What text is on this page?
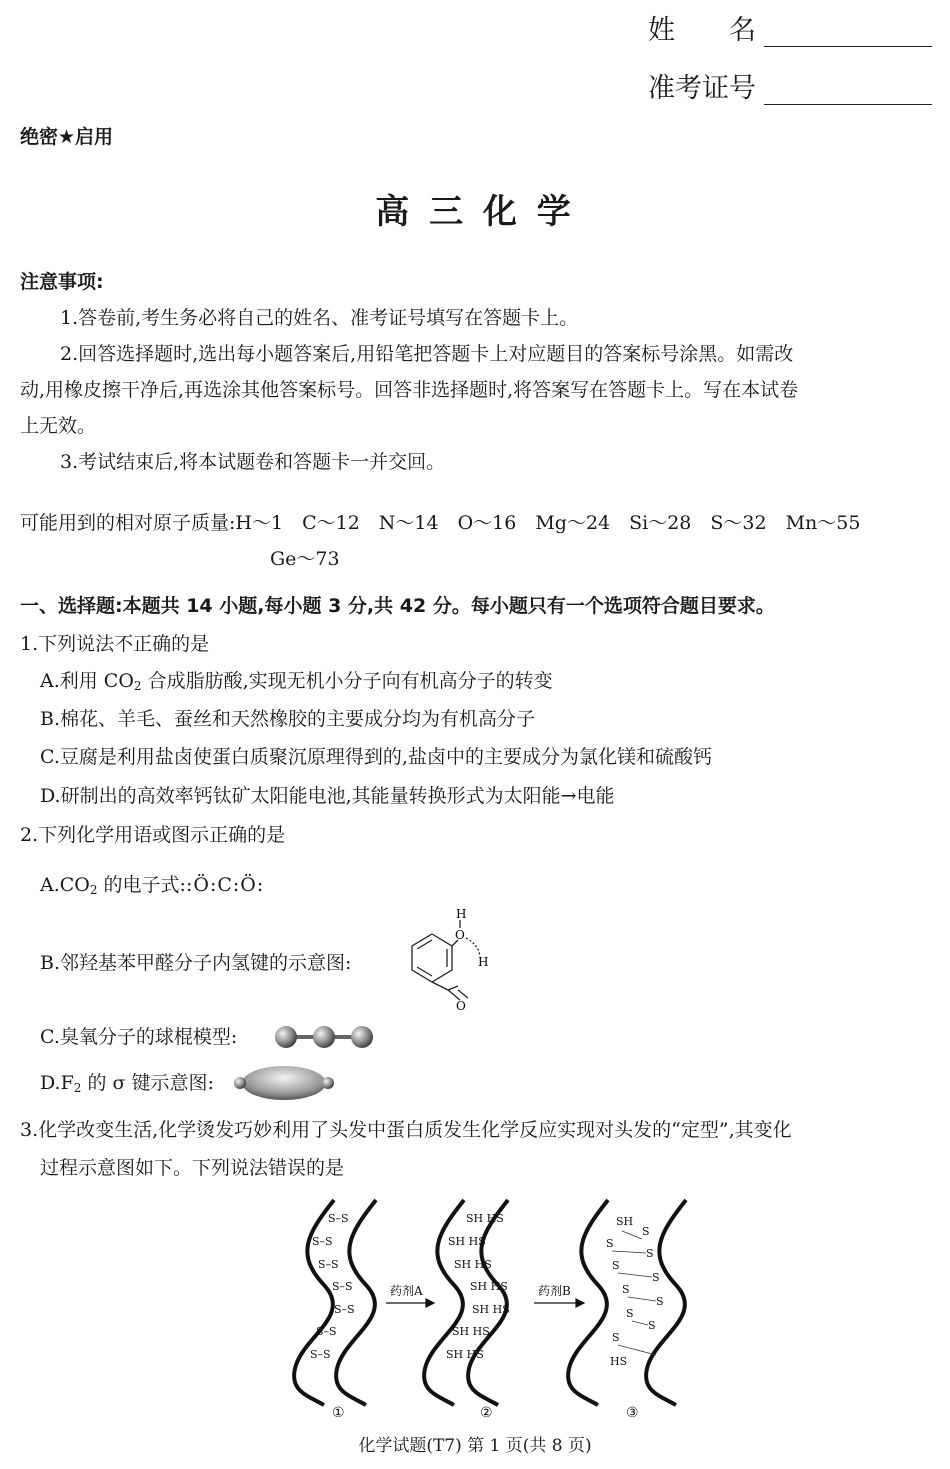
姓　　名
准考证号
绝密★启用
高 三 化 学
注意事项:
1.答卷前,考生务必将自己的姓名、准考证号填写在答题卡上。
2.回答选择题时,选出每小题答案后,用铅笔把答题卡上对应题目的答案标号涂黑。如需改
动,用橡皮擦干净后,再选涂其他答案标号。回答非选择题时,将答案写在答题卡上。写在本试卷
上无效。
3.考试结束后,将本试题卷和答题卡一并交回。
可能用到的相对原子质量:H～1　C～12　N～14　O～16　Mg～24　Si～28　S～32　Mn～55
Ge～73
一、选择题:本题共 14 小题,每小题 3 分,共 42 分。每小题只有一个选项符合题目要求。
1.下列说法不正确的是
A.利用 $CO_2$ 合成脂肪酸,实现无机小分子向有机高分子的转变
B.棉花、羊毛、蚕丝和天然橡胶的主要成分均为有机高分子
C.豆腐是利用盐卤使蛋白质聚沉原理得到的,盐卤中的主要成分为氯化镁和硫酸钙
D.研制出的高效率钙钛矿太阳能电池,其能量转换形式为太阳能→电能
2.下列化学用语或图示正确的是
$A.CO_2$ 的电子式::Ö:C:Ö:
B.邻羟基苯甲醛分子内氢键的示意图:
H
O
H
O
C.臭氧分子的球棍模型:
$D.F_2$ 的 σ 键示意图:
3.化学改变生活,化学烫发巧妙利用了头发中蛋白质发生化学反应实现对头发的“定型”,其变化
过程示意图如下。下列说法错误的是
S–S
S–S
S–S
S–S
S–S
S–S
S–S
SH HS
SH HS
SH HS
SH HS
SH HS
SH HS
SH HS
SH
S
S
S
S
S
S
S
S
S
S
HS
药剂A	药剂B
①	②	③
化学试题(T7) 第 1 页(共 8 页)
